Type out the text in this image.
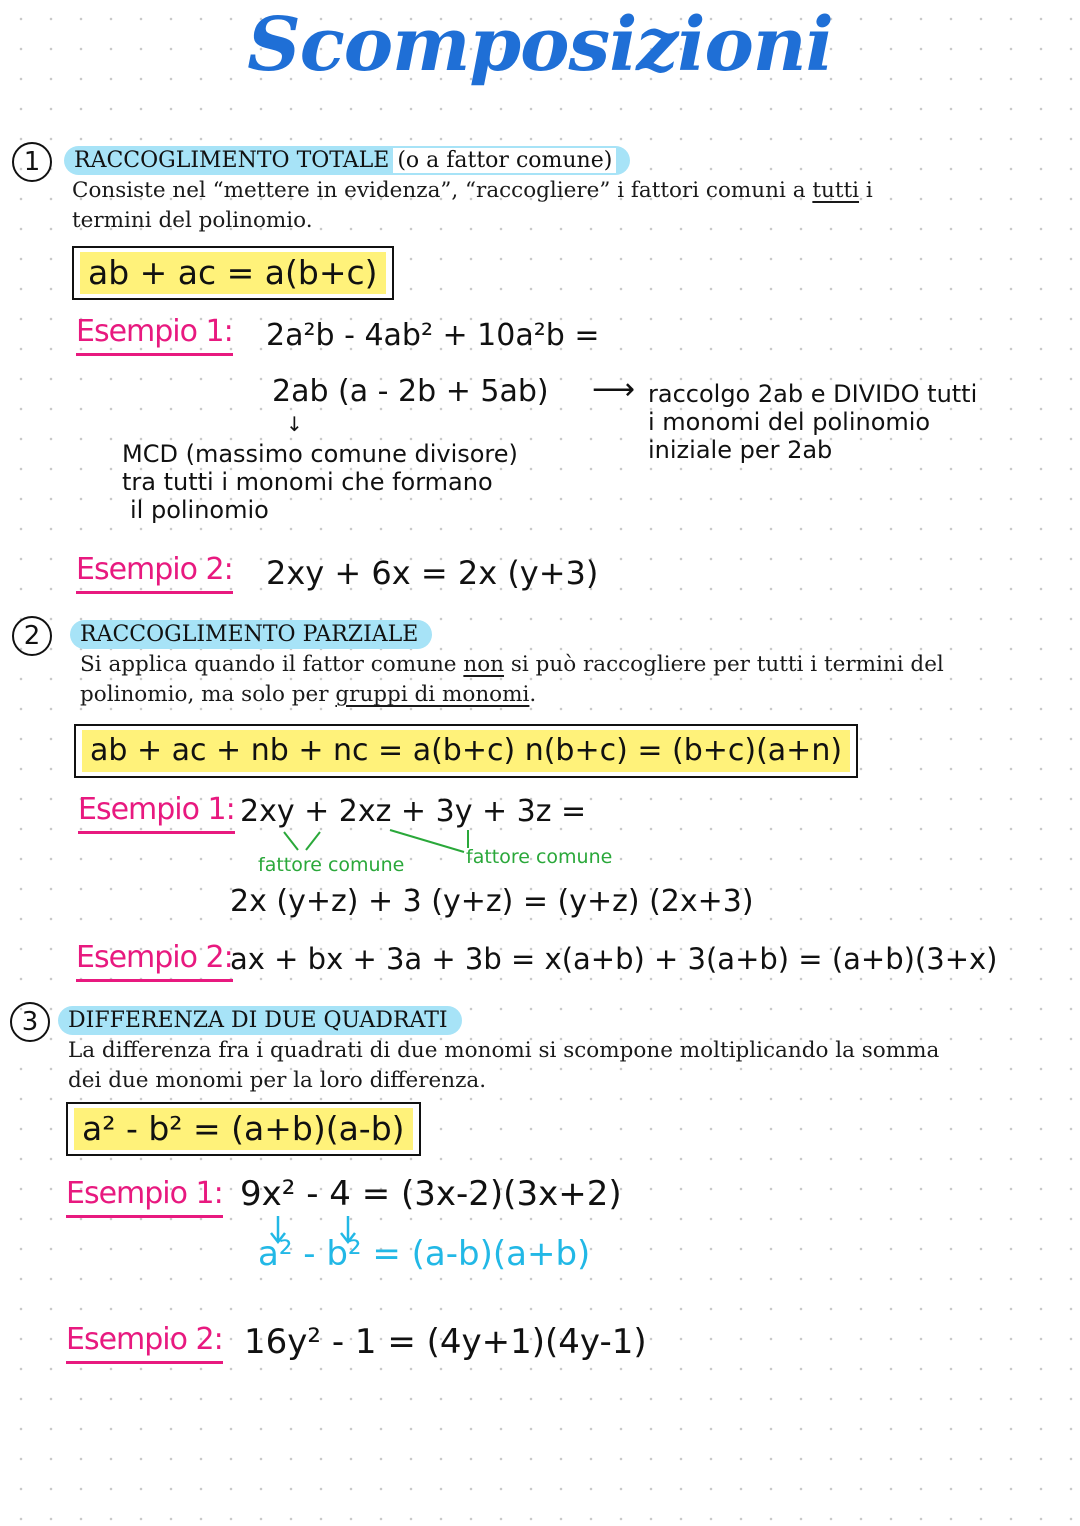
Scomposizioni
1	RACCOGLIMENTO TOTALE (o a fattor comune)
Consiste nel “mettere in evidenza”, “raccogliere” i fattori comuni a tutti i
termini del polinomio.
ab + ac = a(b+c)
Esempio 1: 2a²b - 4ab² + 10a²b =
2ab (a - 2b + 5ab) ⟶ raccolgo 2ab e DIVIDO tutti
i monomi del polinomio
iniziale per 2ab
↓
MCD (massimo comune divisore)
tra tutti i monomi che formano
il polinomio
Esempio 2: 2xy + 6x = 2x (y+3)
2	RACCOGLIMENTO PARZIALE
Si applica quando il fattor comune non si può raccogliere per tutti i termini del
polinomio, ma solo per gruppi di monomi.
ab + ac + nb + nc = a(b+c) n(b+c) = (b+c)(a+n)
Esempio 1: 2xy + 2xz + 3y + 3z =
fattore comune	fattore comune
2x (y+z) + 3 (y+z) = (y+z) (2x+3)
Esempio 2:
ax + bx + 3a + 3b = x(a+b) + 3(a+b) = (a+b)(3+x)
3	DIFFERENZA DI DUE QUADRATI
La differenza fra i quadrati di due monomi si scompone moltiplicando la somma
dei due monomi per la loro differenza.
a² - b² = (a+b)(a-b)
Esempio 1: 9x² - 4 = (3x-2)(3x+2)
a² - b² = (a-b)(a+b)
Esempio 2: 16y² - 1 = (4y+1)(4y-1)
